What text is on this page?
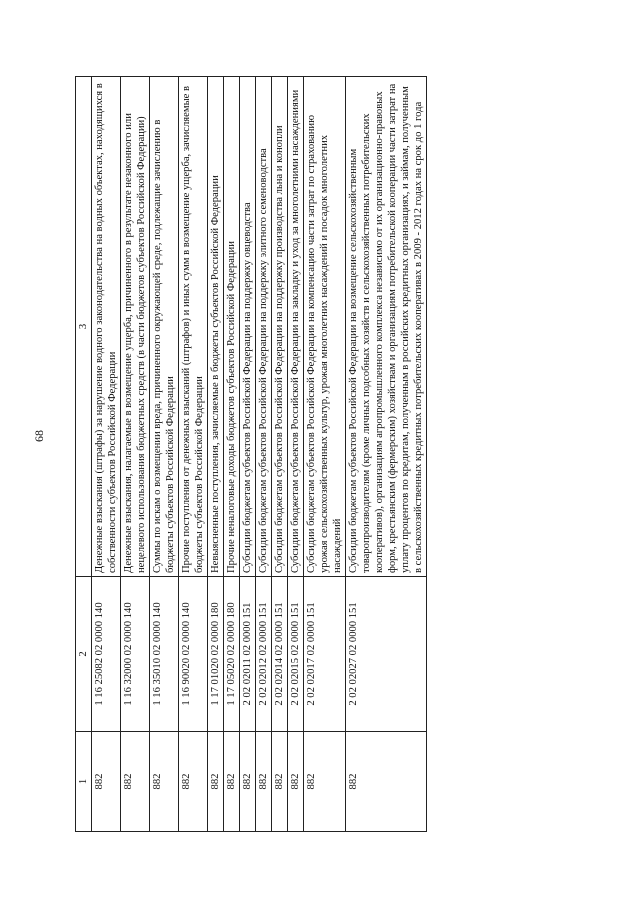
68
1	2	3
882	1 16 25082 02 0000 140	Денежные взыскания (штрафы) за нарушение водного законодательства на водных объектах, находящихся в собственности субъектов Российской Федерации
882	1 16 32000 02 0000 140	Денежные взыскания, налагаемые в возмещение ущерба, причиненного в результате незаконного или нецелевого использования бюджетных средств (в части бюджетов субъектов Российской Федерации)
882	1 16 35010 02 0000 140	Суммы по искам о возмещении вреда, причиненного окружающей среде, подлежащие зачислению в бюджеты субъектов Российской Федерации
882	1 16 90020 02 0000 140	Прочие поступления от денежных взысканий (штрафов) и иных сумм в возмещение ущерба, зачисляемые в бюджеты субъектов Российской Федерации
882	1 17 01020 02 0000 180	Невыясненные поступления, зачисляемые в бюджеты субъектов Российской Федерации
882	1 17 05020 02 0000 180	Прочие неналоговые доходы бюджетов субъектов Российской Федерации
882	2 02 02011 02 0000 151	Субсидии бюджетам субъектов Российской Федерации на поддержку овцеводства
882	2 02 02012 02 0000 151	Субсидии бюджетам субъектов Российской Федерации на поддержку элитного семеноводства
882	2 02 02014 02 0000 151	Субсидии бюджетам субъектов Российской Федерации на поддержку производства льна и конопли
882	2 02 02015 02 0000 151	Субсидии бюджетам субъектов Российской Федерации на закладку и уход за многолетними насаждениями
882	2 02 02017 02 0000 151	Субсидии бюджетам субъектов Российской Федерации на компенсацию части затрат по страхованию урожая сельскохозяйственных культур, урожая многолетних насаждений и посадок многолетних насаждений
882	2 02 02027 02 0000 151	Субсидии бюджетам субъектов Российской Федерации на возмещение сельскохозяйственным товаропроизводителям (кроме личных подсобных хозяйств и сельскохозяйственных потребительских кооперативов), организациям агропромышленного комплекса независимо от их организационно-правовых форм, крестьянским (фермерским) хозяйствам и организациям потребительской кооперации части затрат на уплату процентов по кредитам, полученным в российских кредитных организациях, и займам, полученным в сельскохозяйственных кредитных потребительских кооперативах в 2009 - 2012 годах на срок до 1 года
